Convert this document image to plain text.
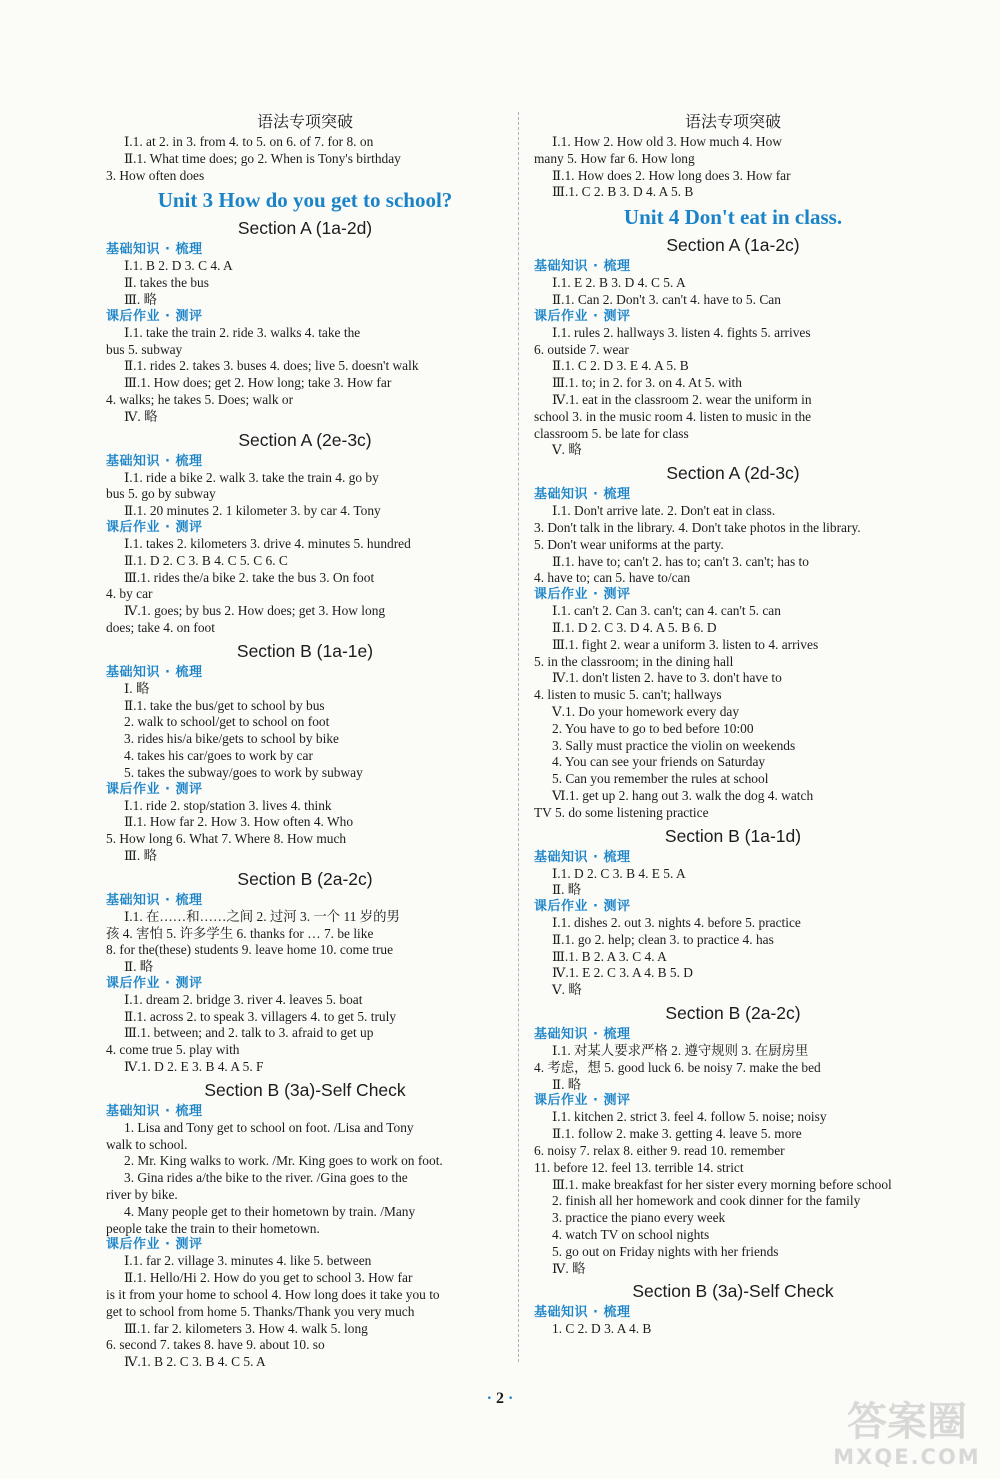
语法专项突破
Ⅰ.1. at 2. in 3. from 4. to 5. on 6. of 7. for 8. on
Ⅱ.1. What time does; go 2. When is Tony's birthday
3. How often does
Unit 3 How do you get to school?
Section A (1a-2d)
基础知识 · 梳理
Ⅰ.1. B 2. D 3. C 4. A
Ⅱ. takes the bus
Ⅲ. 略
课后作业 · 测评
Ⅰ.1. take the train 2. ride 3. walks 4. take the
bus 5. subway
Ⅱ.1. rides 2. takes 3. buses 4. does; live 5. doesn't walk
Ⅲ.1. How does; get 2. How long; take 3. How far
4. walks; he takes 5. Does; walk or
Ⅳ. 略
Section A (2e-3c)
基础知识 · 梳理
Ⅰ.1. ride a bike 2. walk 3. take the train 4. go by
bus 5. go by subway
Ⅱ.1. 20 minutes 2. 1 kilometer 3. by car 4. Tony
课后作业 · 测评
Ⅰ.1. takes 2. kilometers 3. drive 4. minutes 5. hundred
Ⅱ.1. D 2. C 3. B 4. C 5. C 6. C
Ⅲ.1. rides the/a bike 2. take the bus 3. On foot
4. by car
Ⅳ.1. goes; by bus 2. How does; get 3. How long
does; take 4. on foot
Section B (1a-1e)
基础知识 · 梳理
Ⅰ. 略
Ⅱ.1. take the bus/get to school by bus
2. walk to school/get to school on foot
3. rides his/a bike/gets to school by bike
4. takes his car/goes to work by car
5. takes the subway/goes to work by subway
课后作业 · 测评
Ⅰ.1. ride 2. stop/station 3. lives 4. think
Ⅱ.1. How far 2. How 3. How often 4. Who
5. How long 6. What 7. Where 8. How much
Ⅲ. 略
Section B (2a-2c)
基础知识 · 梳理
Ⅰ.1. 在……和……之间 2. 过河 3. 一个 11 岁的男
孩 4. 害怕 5. 许多学生 6. thanks for … 7. be like
8. for the(these) students 9. leave home 10. come true
Ⅱ. 略
课后作业 · 测评
Ⅰ.1. dream 2. bridge 3. river 4. leaves 5. boat
Ⅱ.1. across 2. to speak 3. villagers 4. to get 5. truly
Ⅲ.1. between; and 2. talk to 3. afraid to get up
4. come true 5. play with
Ⅳ.1. D 2. E 3. B 4. A 5. F
Section B (3a)-Self Check
基础知识 · 梳理
1. Lisa and Tony get to school on foot. /Lisa and Tony
walk to school.
2. Mr. King walks to work. /Mr. King goes to work on foot.
3. Gina rides a/the bike to the river. /Gina goes to the
river by bike.
4. Many people get to their hometown by train. /Many
people take the train to their hometown.
课后作业 · 测评
Ⅰ.1. far 2. village 3. minutes 4. like 5. between
Ⅱ.1. Hello/Hi 2. How do you get to school 3. How far
is it from your home to school 4. How long does it take you to
get to school from home 5. Thanks/Thank you very much
Ⅲ.1. far 2. kilometers 3. How 4. walk 5. long
6. second 7. takes 8. have 9. about 10. so
Ⅳ.1. B 2. C 3. B 4. C 5. A
语法专项突破
Ⅰ.1. How 2. How old 3. How much 4. How
many 5. How far 6. How long
Ⅱ.1. How does 2. How long does 3. How far
Ⅲ.1. C 2. B 3. D 4. A 5. B
Unit 4 Don't eat in class.
Section A (1a-2c)
基础知识 · 梳理
Ⅰ.1. E 2. B 3. D 4. C 5. A
Ⅱ.1. Can 2. Don't 3. can't 4. have to 5. Can
课后作业 · 测评
Ⅰ.1. rules 2. hallways 3. listen 4. fights 5. arrives
6. outside 7. wear
Ⅱ.1. C 2. D 3. E 4. A 5. B
Ⅲ.1. to; in 2. for 3. on 4. At 5. with
Ⅳ.1. eat in the classroom 2. wear the uniform in
school 3. in the music room 4. listen to music in the
classroom 5. be late for class
Ⅴ. 略
Section A (2d-3c)
基础知识 · 梳理
Ⅰ.1. Don't arrive late. 2. Don't eat in class.
3. Don't talk in the library. 4. Don't take photos in the library.
5. Don't wear uniforms at the party.
Ⅱ.1. have to; can't 2. has to; can't 3. can't; has to
4. have to; can 5. have to/can
课后作业 · 测评
Ⅰ.1. can't 2. Can 3. can't; can 4. can't 5. can
Ⅱ.1. D 2. C 3. D 4. A 5. B 6. D
Ⅲ.1. fight 2. wear a uniform 3. listen to 4. arrives
5. in the classroom; in the dining hall
Ⅳ.1. don't listen 2. have to 3. don't have to
4. listen to music 5. can't; hallways
Ⅴ.1. Do your homework every day
2. You have to go to bed before 10:00
3. Sally must practice the violin on weekends
4. You can see your friends on Saturday
5. Can you remember the rules at school
Ⅵ.1. get up 2. hang out 3. walk the dog 4. watch
TV 5. do some listening practice
Section B (1a-1d)
基础知识 · 梳理
Ⅰ.1. D 2. C 3. B 4. E 5. A
Ⅱ. 略
课后作业 · 测评
Ⅰ.1. dishes 2. out 3. nights 4. before 5. practice
Ⅱ.1. go 2. help; clean 3. to practice 4. has
Ⅲ.1. B 2. A 3. C 4. A
Ⅳ.1. E 2. C 3. A 4. B 5. D
Ⅴ. 略
Section B (2a-2c)
基础知识 · 梳理
Ⅰ.1. 对某人要求严格 2. 遵守规则 3. 在厨房里
4. 考虑，想 5. good luck 6. be noisy 7. make the bed
Ⅱ. 略
课后作业 · 测评
Ⅰ.1. kitchen 2. strict 3. feel 4. follow 5. noise; noisy
Ⅱ.1. follow 2. make 3. getting 4. leave 5. more
6. noisy 7. relax 8. either 9. read 10. remember
11. before 12. feel 13. terrible 14. strict
Ⅲ.1. make breakfast for her sister every morning before school
2. finish all her homework and cook dinner for the family
3. practice the piano every week
4. watch TV on school nights
5. go out on Friday nights with her friends
Ⅳ. 略
Section B (3a)-Self Check
基础知识 · 梳理
1. C 2. D 3. A 4. B
· 2 ·
答案圈
MXQE.COM
